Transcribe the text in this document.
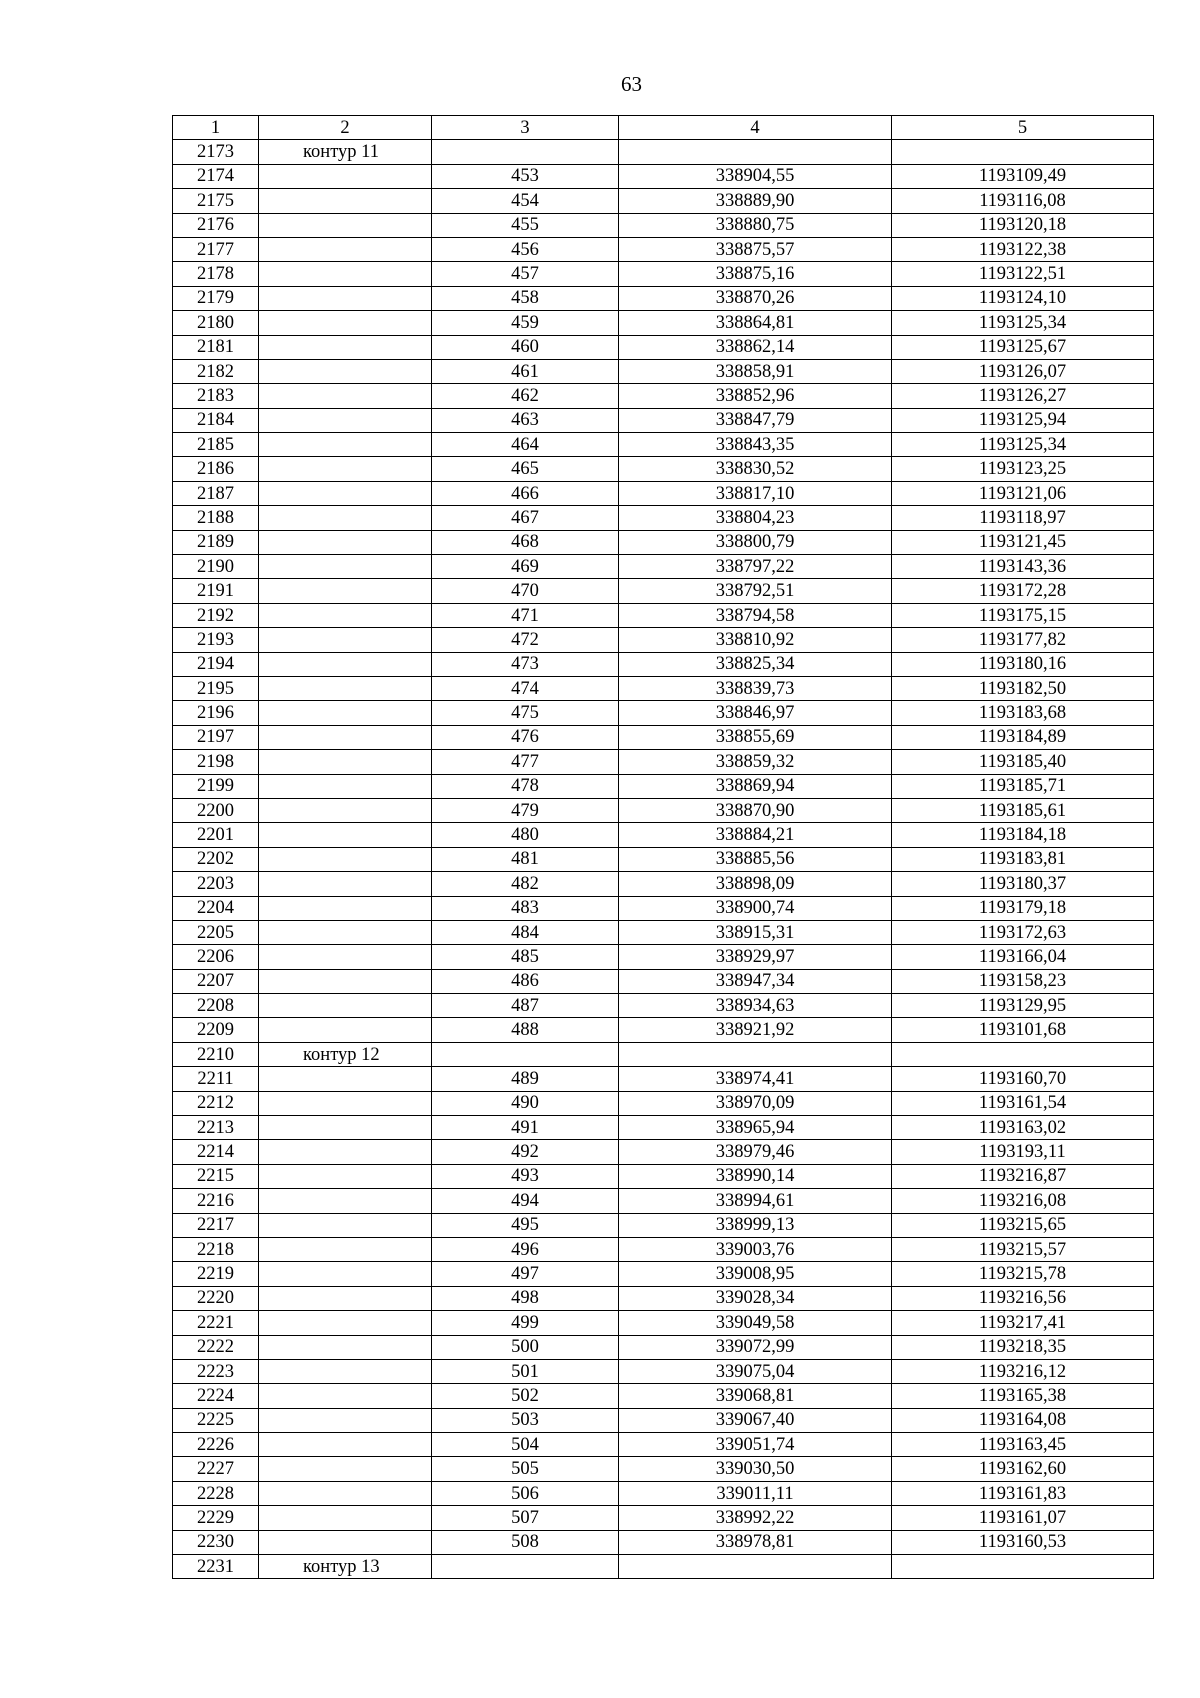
63
1	2	3	4	5
2173	контур 11			
2174		453	338904,55	1193109,49
2175		454	338889,90	1193116,08
2176		455	338880,75	1193120,18
2177		456	338875,57	1193122,38
2178		457	338875,16	1193122,51
2179		458	338870,26	1193124,10
2180		459	338864,81	1193125,34
2181		460	338862,14	1193125,67
2182		461	338858,91	1193126,07
2183		462	338852,96	1193126,27
2184		463	338847,79	1193125,94
2185		464	338843,35	1193125,34
2186		465	338830,52	1193123,25
2187		466	338817,10	1193121,06
2188		467	338804,23	1193118,97
2189		468	338800,79	1193121,45
2190		469	338797,22	1193143,36
2191		470	338792,51	1193172,28
2192		471	338794,58	1193175,15
2193		472	338810,92	1193177,82
2194		473	338825,34	1193180,16
2195		474	338839,73	1193182,50
2196		475	338846,97	1193183,68
2197		476	338855,69	1193184,89
2198		477	338859,32	1193185,40
2199		478	338869,94	1193185,71
2200		479	338870,90	1193185,61
2201		480	338884,21	1193184,18
2202		481	338885,56	1193183,81
2203		482	338898,09	1193180,37
2204		483	338900,74	1193179,18
2205		484	338915,31	1193172,63
2206		485	338929,97	1193166,04
2207		486	338947,34	1193158,23
2208		487	338934,63	1193129,95
2209		488	338921,92	1193101,68
2210	контур 12			
2211		489	338974,41	1193160,70
2212		490	338970,09	1193161,54
2213		491	338965,94	1193163,02
2214		492	338979,46	1193193,11
2215		493	338990,14	1193216,87
2216		494	338994,61	1193216,08
2217		495	338999,13	1193215,65
2218		496	339003,76	1193215,57
2219		497	339008,95	1193215,78
2220		498	339028,34	1193216,56
2221		499	339049,58	1193217,41
2222		500	339072,99	1193218,35
2223		501	339075,04	1193216,12
2224		502	339068,81	1193165,38
2225		503	339067,40	1193164,08
2226		504	339051,74	1193163,45
2227		505	339030,50	1193162,60
2228		506	339011,11	1193161,83
2229		507	338992,22	1193161,07
2230		508	338978,81	1193160,53
2231	контур 13			
